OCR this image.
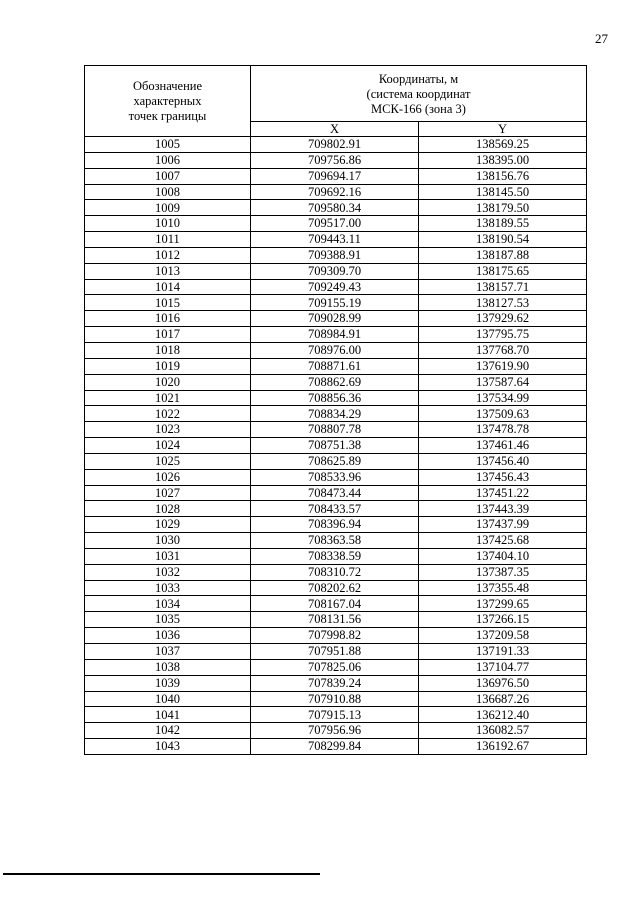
27
Обозначение
характерных
точек границы	Координаты, м
(система координат
МСК-166 (зона 3)	
	X	Y
1005	709802.91	138569.25
1006	709756.86	138395.00
1007	709694.17	138156.76
1008	709692.16	138145.50
1009	709580.34	138179.50
1010	709517.00	138189.55
1011	709443.11	138190.54
1012	709388.91	138187.88
1013	709309.70	138175.65
1014	709249.43	138157.71
1015	709155.19	138127.53
1016	709028.99	137929.62
1017	708984.91	137795.75
1018	708976.00	137768.70
1019	708871.61	137619.90
1020	708862.69	137587.64
1021	708856.36	137534.99
1022	708834.29	137509.63
1023	708807.78	137478.78
1024	708751.38	137461.46
1025	708625.89	137456.40
1026	708533.96	137456.43
1027	708473.44	137451.22
1028	708433.57	137443.39
1029	708396.94	137437.99
1030	708363.58	137425.68
1031	708338.59	137404.10
1032	708310.72	137387.35
1033	708202.62	137355.48
1034	708167.04	137299.65
1035	708131.56	137266.15
1036	707998.82	137209.58
1037	707951.88	137191.33
1038	707825.06	137104.77
1039	707839.24	136976.50
1040	707910.88	136687.26
1041	707915.13	136212.40
1042	707956.96	136082.57
1043	708299.84	136192.67
